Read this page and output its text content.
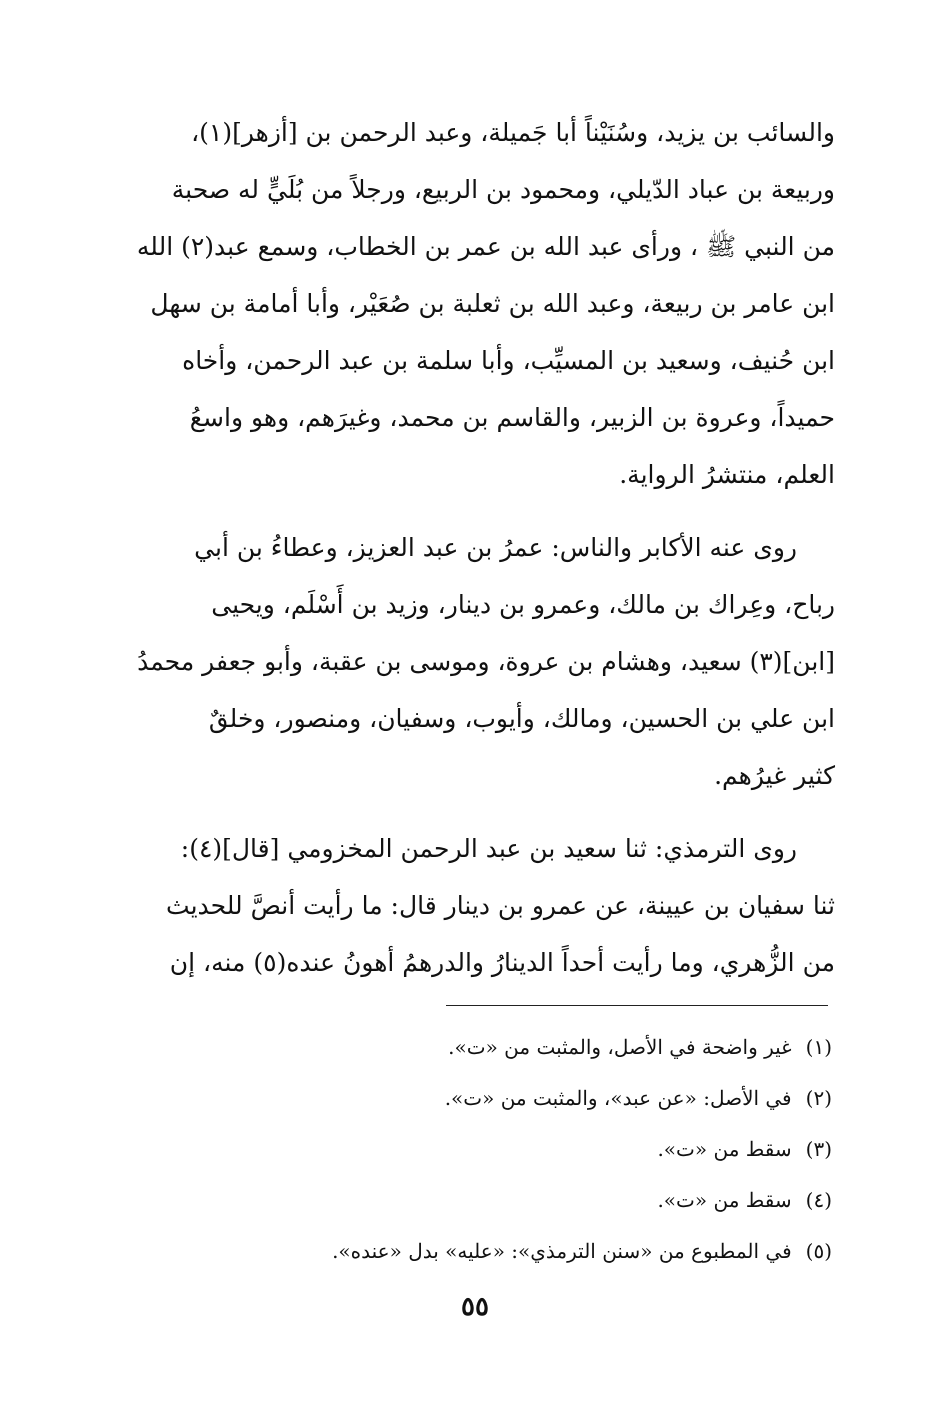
والسائب بن يزيد، وسُنَيْناً أبا جَميلة، وعبد الرحمن بن [أزهر](١)،
وربيعة بن عباد الدّيلي، ومحمود بن الربيع، ورجلاً من بُلَيٍّ له صحبة
من النبي ﷺ ، ورأى عبد الله بن عمر بن الخطاب، وسمع عبد(٢) الله
ابن عامر بن ربيعة، وعبد الله بن ثعلبة بن صُعَيْر، وأبا أمامة بن سهل
ابن حُنيف، وسعيد بن المسيِّب، وأبا سلمة بن عبد الرحمن، وأخاه
حميداً، وعروة بن الزبير، والقاسم بن محمد، وغيرَهم، وهو واسعُ
العلم، منتشرُ الرواية.
روى عنه الأكابر والناس: عمرُ بن عبد العزيز، وعطاءُ بن أبي
رباح، وعِراك بن مالك، وعمرو بن دينار، وزيد بن أَسْلَم، ويحيى
[ابن](٣) سعيد، وهشام بن عروة، وموسى بن عقبة، وأبو جعفر محمدُ
ابن علي بن الحسين، ومالك، وأيوب، وسفيان، ومنصور، وخلقٌ
كثير غيرُهم.
روى الترمذي: ثنا سعيد بن عبد الرحمن المخزومي [قال](٤):
ثنا سفيان بن عيينة، عن عمرو بن دينار قال: ما رأيت أنصَّ للحديث
من الزُّهري، وما رأيت أحداً الدينارُ والدرهمُ أهونُ عنده(٥) منه، إن
(١)غير واضحة في الأصل، والمثبت من «ت».
(٢)في الأصل: «عن عبد»، والمثبت من «ت».
(٣)سقط من «ت».
(٤)سقط من «ت».
(٥)في المطبوع من «سنن الترمذي»: «عليه» بدل «عنده».
٥٥
